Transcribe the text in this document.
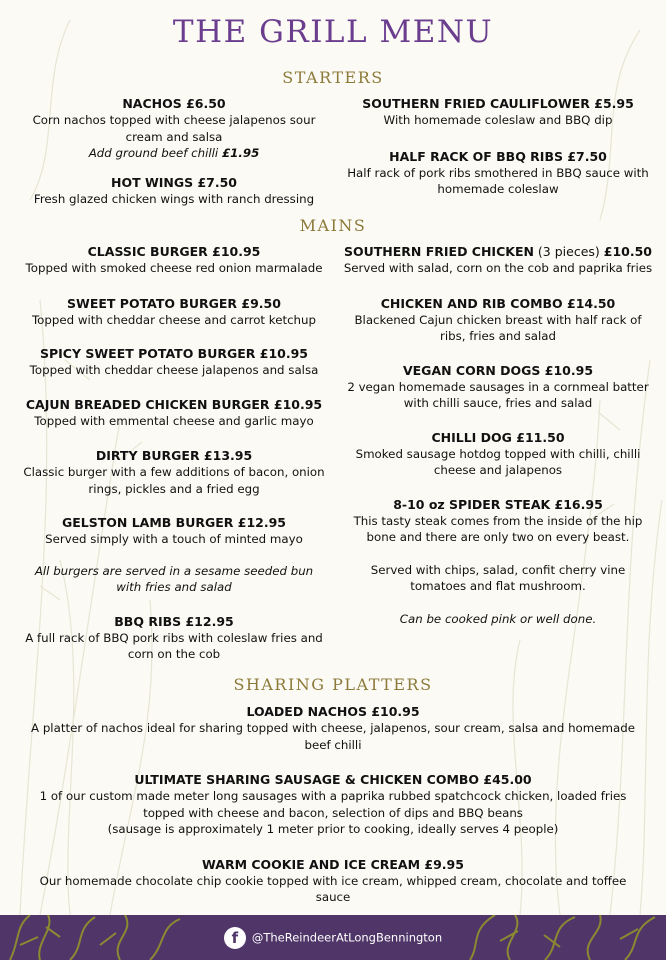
THE GRILL MENU
STARTERS
NACHOS £6.50
Corn nachos topped with cheese jalapenos sour cream and salsa
Add ground beef chilli £1.95
HOT WINGS £7.50
Fresh glazed chicken wings with ranch dressing
SOUTHERN FRIED CAULIFLOWER £5.95
With homemade coleslaw and BBQ dip
HALF RACK OF BBQ RIBS £7.50
Half rack of pork ribs smothered in BBQ sauce with homemade coleslaw
MAINS
CLASSIC BURGER £10.95
Topped with smoked cheese red onion marmalade
SWEET POTATO BURGER £9.50
Topped with cheddar cheese and carrot ketchup
SPICY SWEET POTATO BURGER £10.95
Topped with cheddar cheese jalapenos and salsa
CAJUN BREADED CHICKEN BURGER £10.95
Topped with emmental cheese and garlic mayo
DIRTY BURGER £13.95
Classic burger with a few additions of bacon, onion rings, pickles and a fried egg
GELSTON LAMB BURGER £12.95
Served simply with a touch of minted mayo
All burgers are served in a sesame seeded bun with fries and salad
BBQ RIBS £12.95
A full rack of BBQ pork ribs with coleslaw fries and corn on the cob
SOUTHERN FRIED CHICKEN (3 pieces) £10.50
Served with salad, corn on the cob and paprika fries
CHICKEN AND RIB COMBO £14.50
Blackened Cajun chicken breast with half rack of ribs, fries and salad
VEGAN CORN DOGS £10.95
2 vegan homemade sausages in a cornmeal batter with chilli sauce, fries and salad
CHILLI DOG £11.50
Smoked sausage hotdog topped with chilli, chilli cheese and jalapenos
8-10 oz SPIDER STEAK £16.95
This tasty steak comes from the inside of the hip bone and there are only two on every beast.
Served with chips, salad, confit cherry vine tomatoes and flat mushroom.
Can be cooked pink or well done.
SHARING PLATTERS
LOADED NACHOS £10.95
A platter of nachos ideal for sharing topped with cheese, jalapenos, sour cream, salsa and homemade beef chilli
ULTIMATE SHARING SAUSAGE & CHICKEN COMBO £45.00
1 of our custom made meter long sausages with a paprika rubbed spatchcock chicken, loaded fries topped with cheese and bacon, selection of dips and BBQ beans
(sausage is approximately 1 meter prior to cooking, ideally serves 4 people)
WARM COOKIE AND ICE CREAM £9.95
Our homemade chocolate chip cookie topped with ice cream, whipped cream, chocolate and toffee sauce
f @TheReindeerAtLongBennington
